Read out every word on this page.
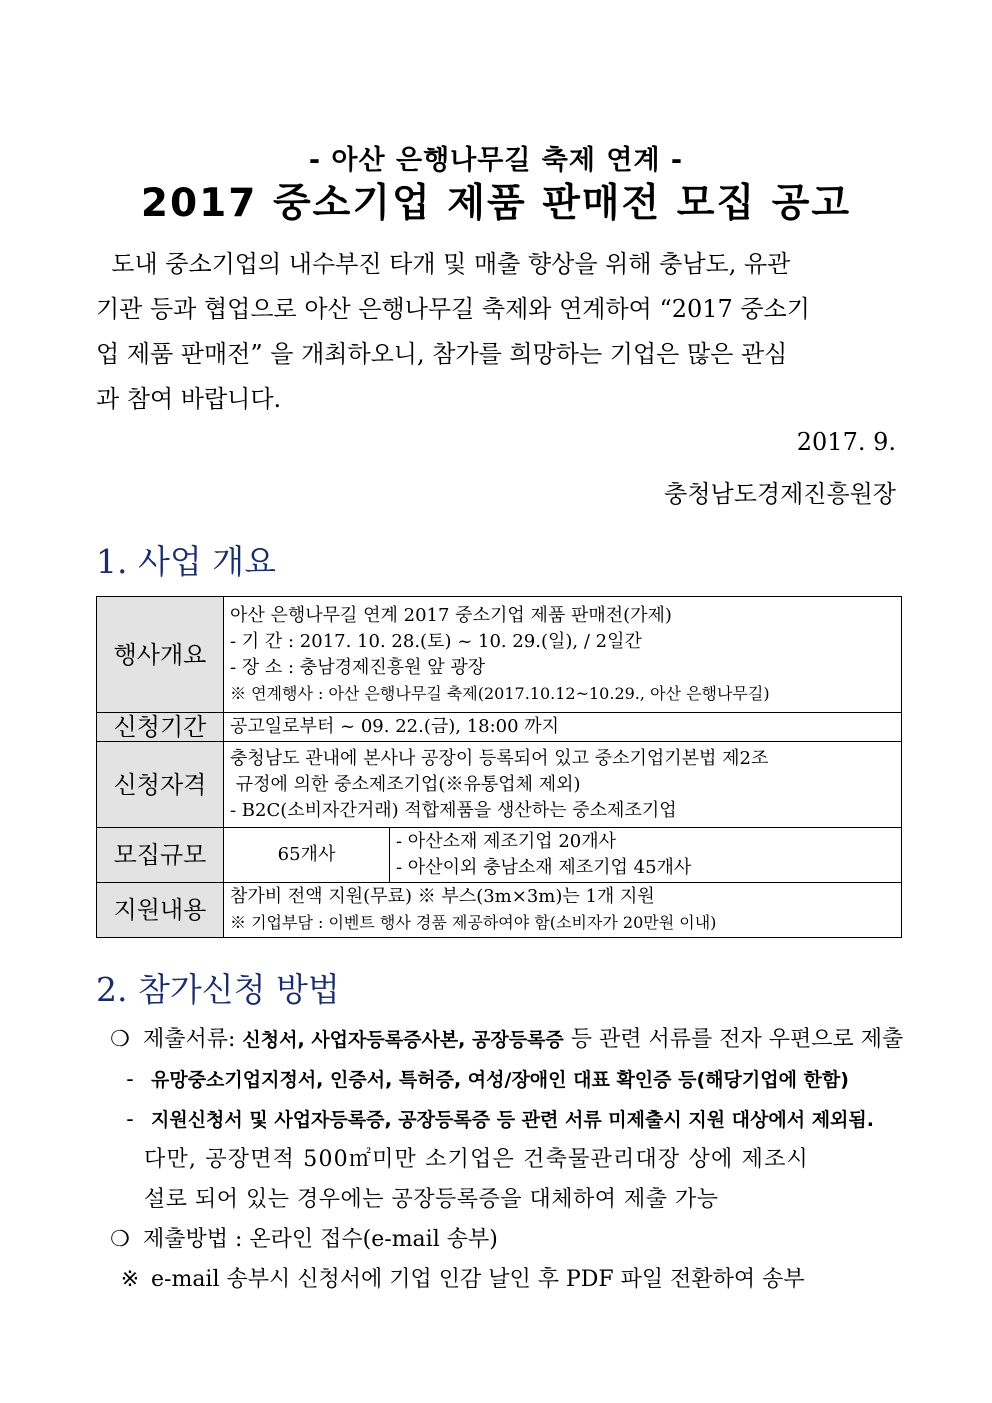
- 아산 은행나무길 축제 연계 -
2017 중소기업 제품 판매전 모집 공고
도내 중소기업의 내수부진 타개 및 매출 향상을 위해 충남도, 유관
기관 등과 협업으로 아산 은행나무길 축제와 연계하여 “2017 중소기
업 제품 판매전” 을 개최하오니, 참가를 희망하는 기업은 많은 관심
과 참여 바랍니다.
2017. 9.
충청남도경제진흥원장
1. 사업 개요
행사개요	아산 은행나무길 연계 2017 중소기업 제품 판매전(가제)
- 기 간 : 2017. 10. 28.(토) ~ 10. 29.(일), / 2일간
- 장 소 : 충남경제진흥원 앞 광장
※ 연계행사 : 아산 은행나무길 축제(2017.10.12~10.29., 아산 은행나무길)	

신청기간	공고일로부터 ~ 09. 22.(금), 18:00 까지	

신청자격	충청남도 관내에 본사나 공장이 등록되어 있고 중소기업기본법 제2조
규정에 의한 중소제조기업(※유통업체 제외)
- B2C(소비자간거래) 적합제품을 생산하는 중소제조기업	

모집규모	65개사	- 아산소재 제조기업 20개사
- 아산이외 충남소재 제조기업 45개사

지원내용	참가비 전액 지원(무료) ※ 부스(3m×3m)는 1개 지원
※ 기업부담 : 이벤트 행사 경품 제공하여야 함(소비자가 20만원 이내)	
2. 참가신청 방법
❍ 제출서류: 신청서, 사업자등록증사본, 공장등록증 등 관련 서류를 전자 우편으로 제출
- 유망중소기업지정서, 인증서, 특허증, 여성/장애인 대표 확인증 등(해당기업에 한함)
- 지원신청서 및 사업자등록증, 공장등록증 등 관련 서류 미제출시 지원 대상에서 제외됨.
다만, 공장면적 500㎡미만 소기업은 건축물관리대장 상에 제조시
설로 되어 있는 경우에는 공장등록증을 대체하여 제출 가능
❍ 제출방법 : 온라인 접수(e-mail 송부)
※ e-mail 송부시 신청서에 기업 인감 날인 후 PDF 파일 전환하여 송부
